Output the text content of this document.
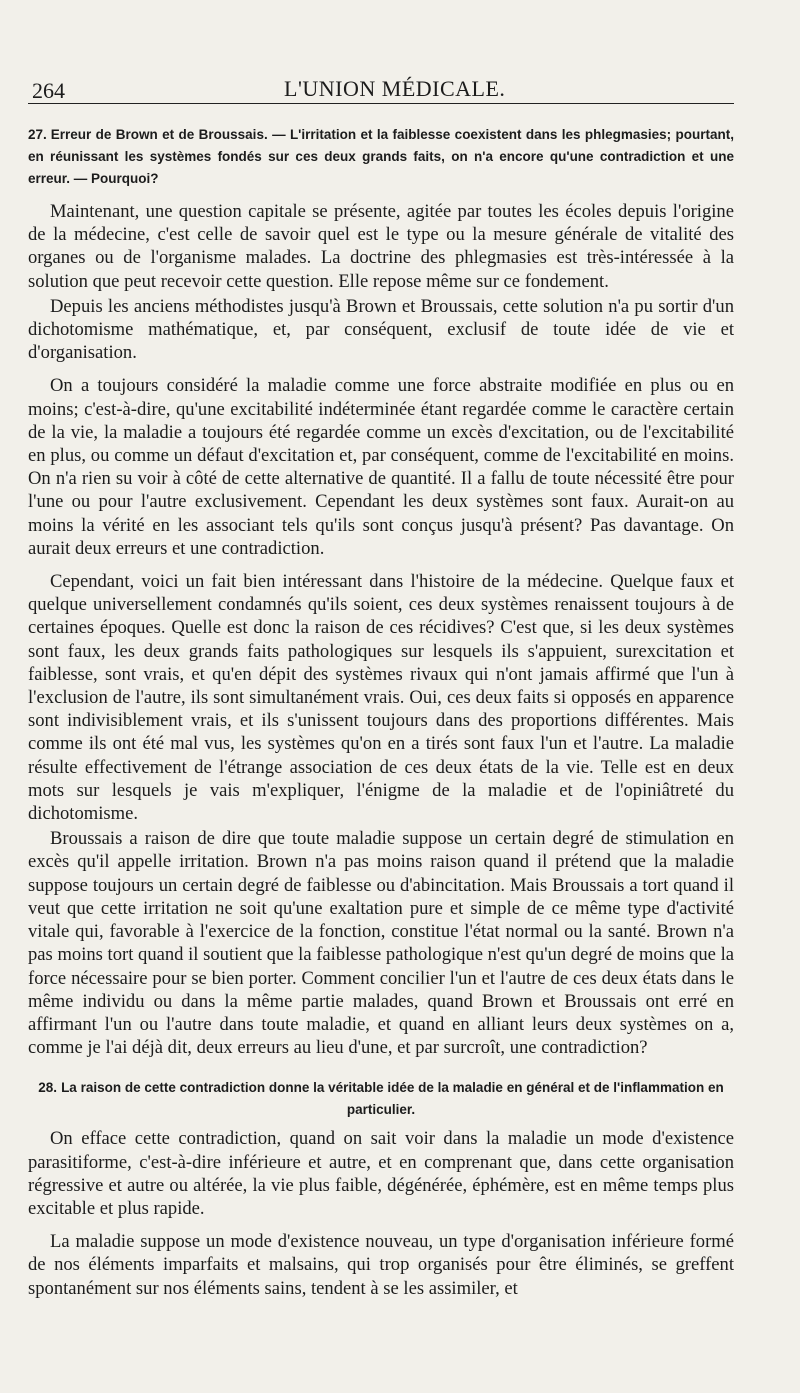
264	L'UNION MÉDICALE.
27. Erreur de Brown et de Broussais. — L'irritation et la faiblesse coexistent dans les phlegmasies; pourtant, en réunissant les systèmes fondés sur ces deux grands faits, on n'a encore qu'une contradiction et une erreur. — Pourquoi?

Maintenant, une question capitale se présente, agitée par toutes les écoles depuis l'origine de la médecine, c'est celle de savoir quel est le type ou la mesure générale de vitalité des organes ou de l'organisme malades. La doctrine des phlegmasies est très-intéressée à la solution que peut recevoir cette question. Elle repose même sur ce fondement.

Depuis les anciens méthodistes jusqu'à Brown et Broussais, cette solution n'a pu sortir d'un dichotomisme mathématique, et, par conséquent, exclusif de toute idée de vie et d'organisation.

On a toujours considéré la maladie comme une force abstraite modifiée en plus ou en moins; c'est-à-dire, qu'une excitabilité indéterminée étant regardée comme le caractère certain de la vie, la maladie a toujours été regardée comme un excès d'excitation, ou de l'excitabilité en plus, ou comme un défaut d'excitation et, par conséquent, comme de l'excitabilité en moins. On n'a rien su voir à côté de cette alternative de quantité. Il a fallu de toute nécessité être pour l'une ou pour l'autre exclusivement. Cependant les deux systèmes sont faux. Aurait-on au moins la vérité en les associant tels qu'ils sont conçus jusqu'à présent? Pas davantage. On aurait deux erreurs et une contradiction.

Cependant, voici un fait bien intéressant dans l'histoire de la médecine. Quelque faux et quelque universellement condamnés qu'ils soient, ces deux systèmes renaissent toujours à de certaines époques. Quelle est donc la raison de ces récidives? C'est que, si les deux systèmes sont faux, les deux grands faits pathologiques sur lesquels ils s'appuient, surexcitation et faiblesse, sont vrais, et qu'en dépit des systèmes rivaux qui n'ont jamais affirmé que l'un à l'exclusion de l'autre, ils sont simultanément vrais. Oui, ces deux faits si opposés en apparence sont indivisiblement vrais, et ils s'unissent toujours dans des proportions différentes. Mais comme ils ont été mal vus, les systèmes qu'on en a tirés sont faux l'un et l'autre. La maladie résulte effectivement de l'étrange association de ces deux états de la vie. Telle est en deux mots sur lesquels je vais m'expliquer, l'énigme de la maladie et de l'opiniâtreté du dichotomisme.

Broussais a raison de dire que toute maladie suppose un certain degré de stimulation en excès qu'il appelle irritation. Brown n'a pas moins raison quand il prétend que la maladie suppose toujours un certain degré de faiblesse ou d'abincitation. Mais Broussais a tort quand il veut que cette irritation ne soit qu'une exaltation pure et simple de ce même type d'activité vitale qui, favorable à l'exercice de la fonction, constitue l'état normal ou la santé. Brown n'a pas moins tort quand il soutient que la faiblesse pathologique n'est qu'un degré de moins que la force nécessaire pour se bien porter. Comment concilier l'un et l'autre de ces deux états dans le même individu ou dans la même partie malades, quand Brown et Broussais ont erré en affirmant l'un ou l'autre dans toute maladie, et quand en alliant leurs deux systèmes on a, comme je l'ai déjà dit, deux erreurs au lieu d'une, et par surcroît, une contradiction?

28. La raison de cette contradiction donne la véritable idée de la maladie en général et de l'inflammation en particulier.

On efface cette contradiction, quand on sait voir dans la maladie un mode d'existence parasitiforme, c'est-à-dire inférieure et autre, et en comprenant que, dans cette organisation régressive et autre ou altérée, la vie plus faible, dégénérée, éphémère, est en même temps plus excitable et plus rapide.

La maladie suppose un mode d'existence nouveau, un type d'organisation inférieure formé de nos éléments imparfaits et malsains, qui trop organisés pour être éliminés, se greffent spontanément sur nos éléments sains, tendent à se les assimiler, et
